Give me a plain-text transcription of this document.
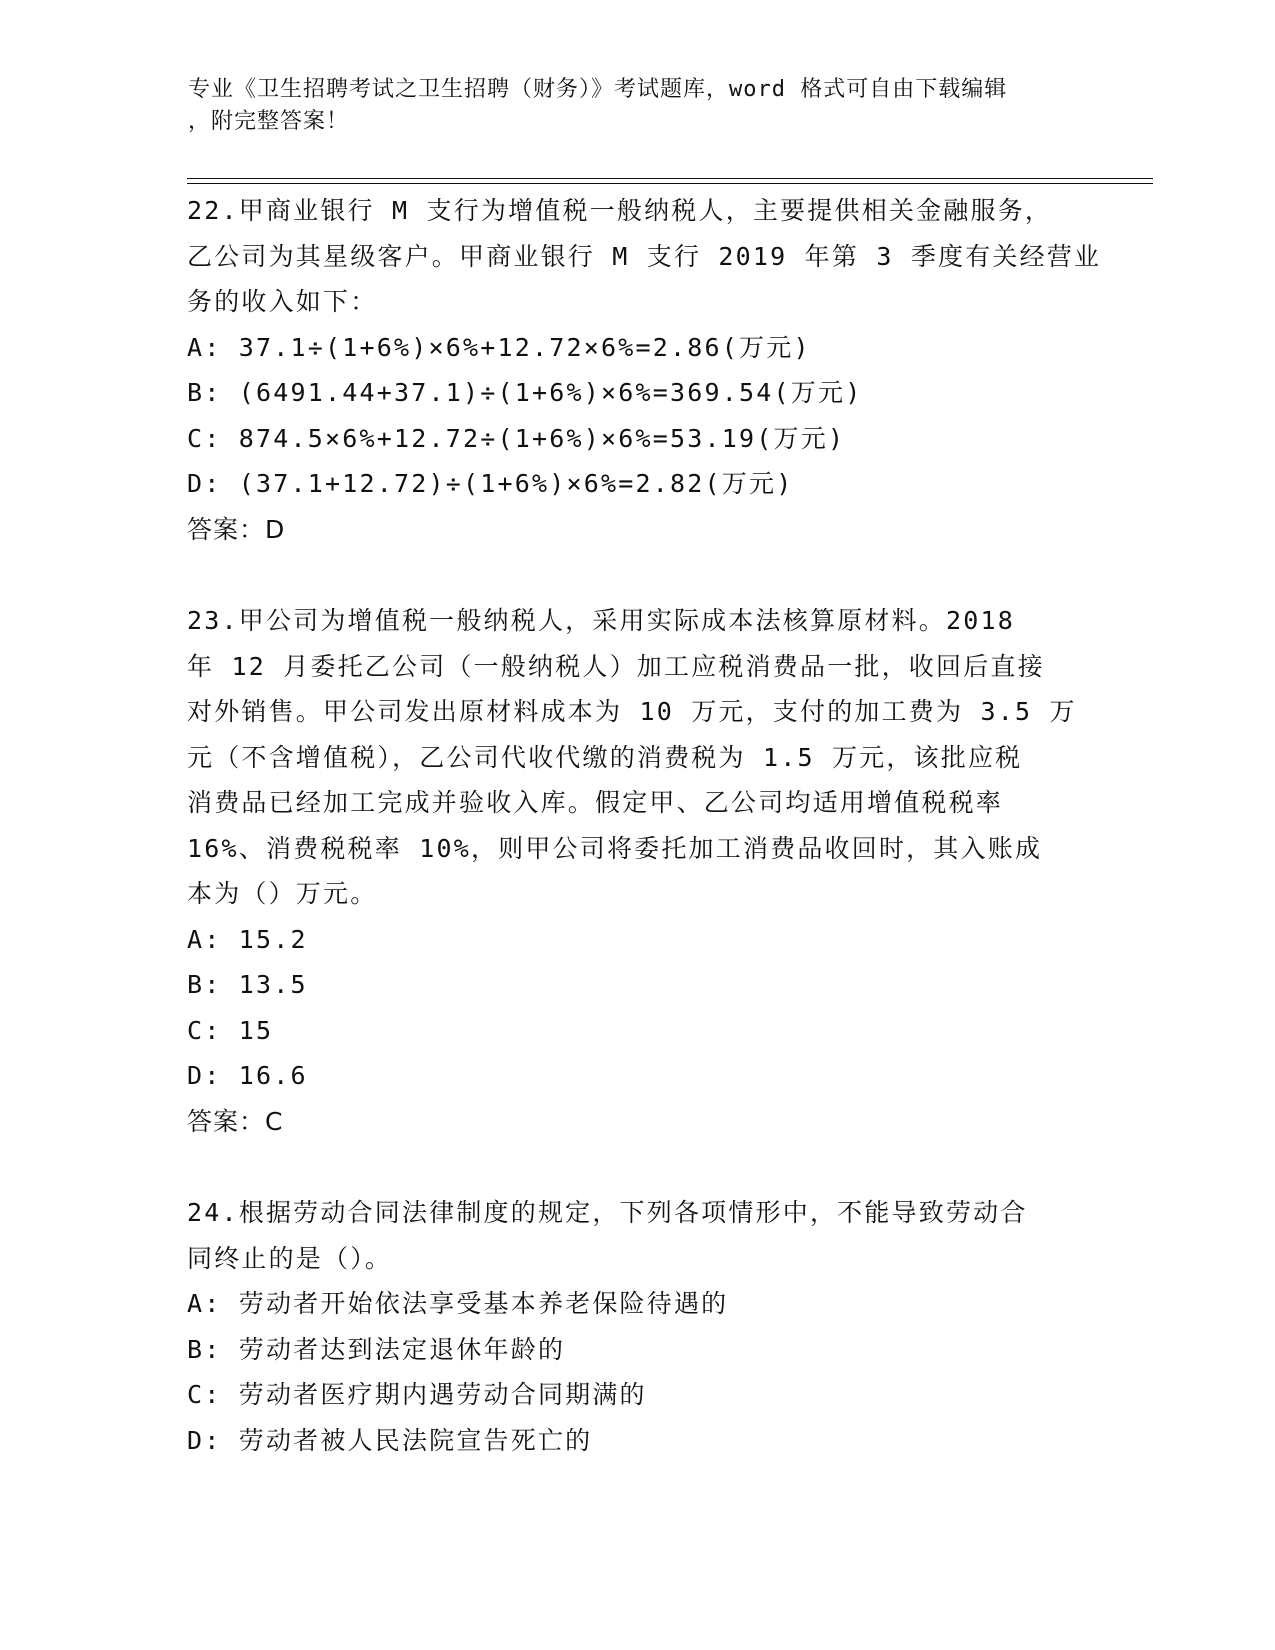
专业《卫生招聘考试之卫生招聘（财务）》考试题库，word 格式可自由下载编辑
，附完整答案！
22.甲商业银行 M 支行为增值税一般纳税人，主要提供相关金融服务，
乙公司为其星级客户。甲商业银行 M 支行 2019 年第 3 季度有关经营业
务的收入如下：
A: 37.1÷(1+6%)×6%+12.72×6%=2.86(万元)
B: (6491.44+37.1)÷(1+6%)×6%=369.54(万元)
C: 874.5×6%+12.72÷(1+6%)×6%=53.19(万元)
D: (37.1+12.72)÷(1+6%)×6%=2.82(万元)
答案：D
23.甲公司为增值税一般纳税人，采用实际成本法核算原材料。2018
年 12 月委托乙公司（一般纳税人）加工应税消费品一批，收回后直接
对外销售。甲公司发出原材料成本为 10 万元，支付的加工费为 3.5 万
元（不含增值税），乙公司代收代缴的消费税为 1.5 万元，该批应税
消费品已经加工完成并验收入库。假定甲、乙公司均适用增值税税率
16%、消费税税率 10%，则甲公司将委托加工消费品收回时，其入账成
本为（）万元。
A: 15.2
B: 13.5
C: 15
D: 16.6
答案：C
24.根据劳动合同法律制度的规定，下列各项情形中，不能导致劳动合
同终止的是（）。
A: 劳动者开始依法享受基本养老保险待遇的
B: 劳动者达到法定退休年龄的
C: 劳动者医疗期内遇劳动合同期满的
D: 劳动者被人民法院宣告死亡的
